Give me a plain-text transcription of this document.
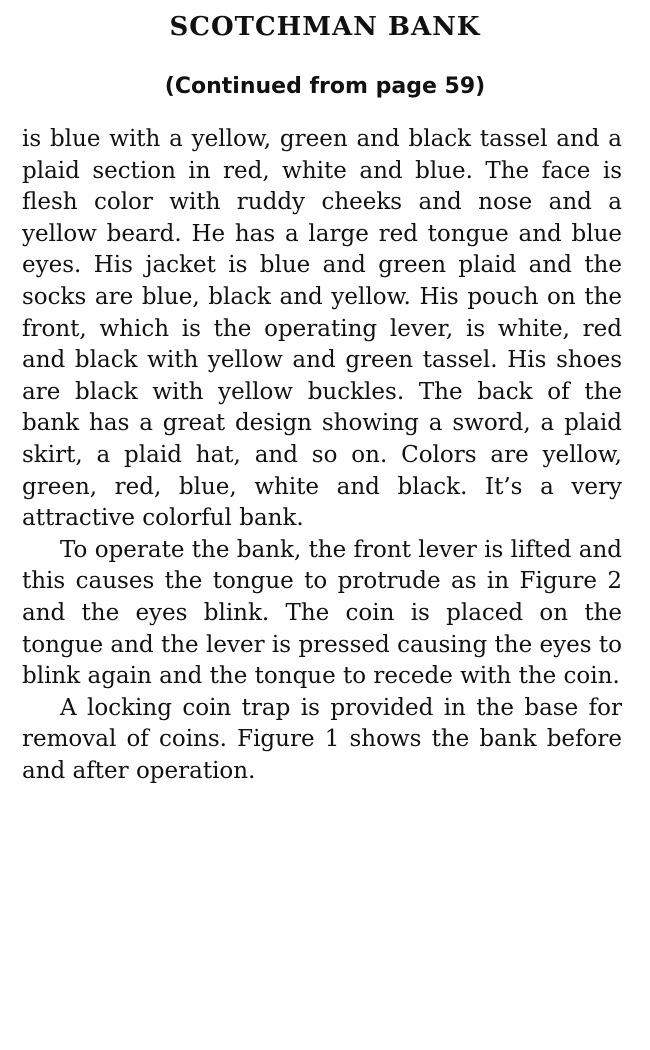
SCOTCHMAN BANK
(Continued from page 59)

is blue with a yellow, green and black tassel and a plaid section in red, white and blue. The face is flesh color with ruddy cheeks and nose and a yellow beard. He has a large red tongue and blue eyes. His jacket is blue and green plaid and the socks are blue, black and yellow. His pouch on the front, which is the operating lever, is white, red and black with yellow and green tassel. His shoes are black with yellow buckles. The back of the bank has a great design showing a sword, a plaid skirt, a plaid hat, and so on. Colors are yellow, green, red, blue, white and black. It’s a very attractive colorful bank.

To operate the bank, the front lever is lifted and this causes the tongue to protrude as in Figure 2 and the eyes blink. The coin is placed on the tongue and the lever is pressed causing the eyes to blink again and the tonque to recede with the coin.

A locking coin trap is provided in the base for removal of coins. Figure 1 shows the bank before and after operation.
